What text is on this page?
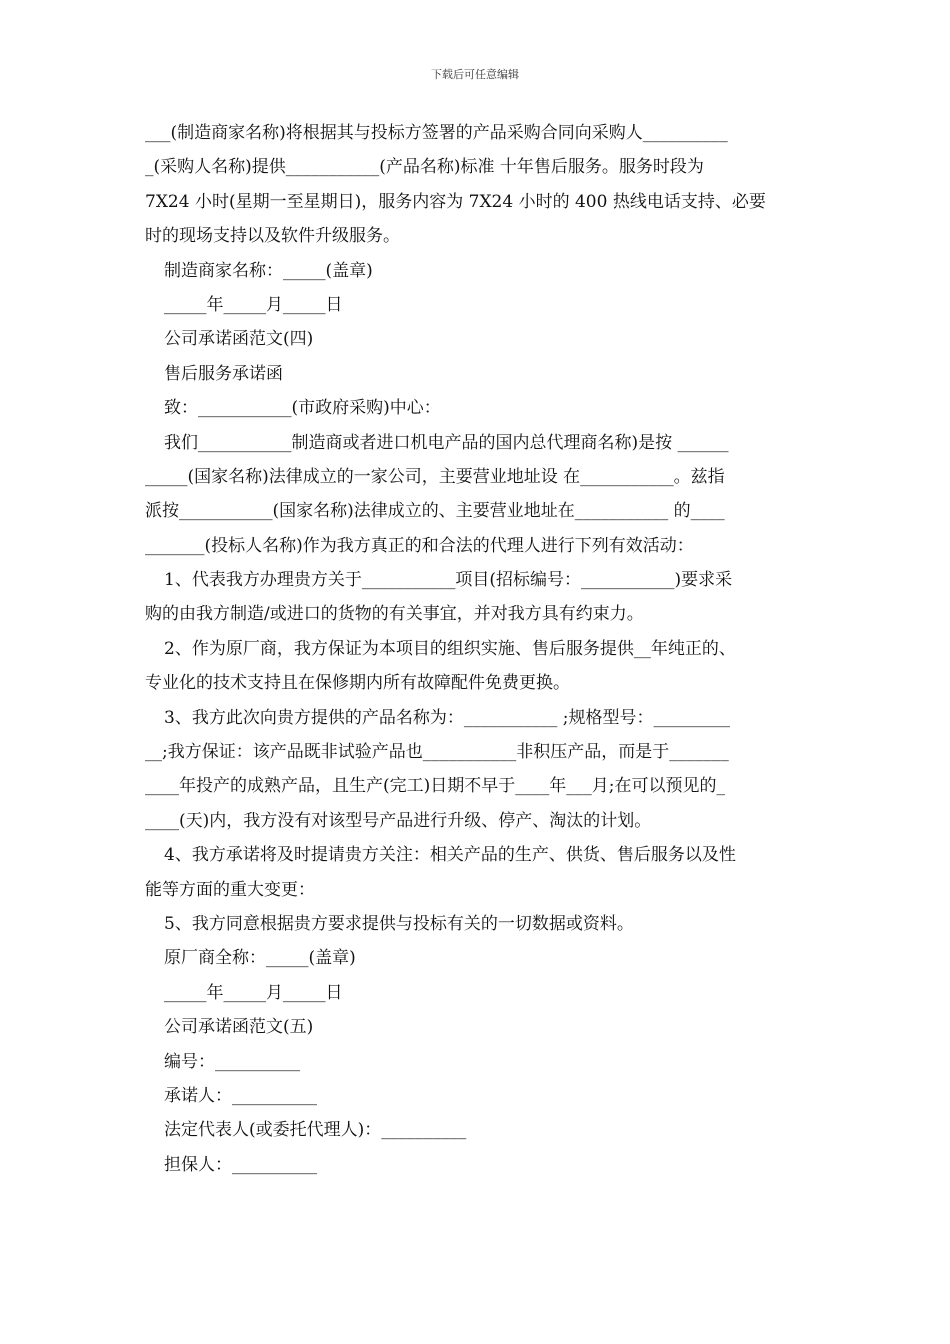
下载后可任意编辑
___(制造商家名称)将根据其与投标方签署的产品采购合同向采购人__________
_(采购人名称)提供___________(产品名称)标准 十年售后服务。服务时段为
7X24 小时(星期一至星期日)，服务内容为 7X24 小时的 400 热线电话支持、必要
时的现场支持以及软件升级服务。
制造商家名称：_____(盖章)
_____年_____月_____日
公司承诺函范文(四)
售后服务承诺函
致：___________(市政府采购)中心：
我们___________制造商或者进口机电产品的国内总代理商名称)是按 ______
_____(国家名称)法律成立的一家公司，主要营业地址设 在___________。兹指
派按___________(国家名称)法律成立的、主要营业地址在___________ 的____
_______(投标人名称)作为我方真正的和合法的代理人进行下列有效活动：
1、代表我方办理贵方关于___________项目(招标编号：___________)要求采
购的由我方制造/或进口的货物的有关事宜，并对我方具有约束力。
2、作为原厂商，我方保证为本项目的组织实施、售后服务提供__年纯正的、
专业化的技术支持且在保修期内所有故障配件免费更换。
3、我方此次向贵方提供的产品名称为：___________ ;规格型号：_________
__;我方保证：该产品既非试验产品也___________非积压产品，而是于_______
____年投产的成熟产品，且生产(完工)日期不早于____年___月;在可以预见的_
____(天)内，我方没有对该型号产品进行升级、停产、淘汰的计划。
4、我方承诺将及时提请贵方关注：相关产品的生产、供货、售后服务以及性
能等方面的重大变更：
5、我方同意根据贵方要求提供与投标有关的一切数据或资料。
原厂商全称：_____(盖章)
_____年_____月_____日
公司承诺函范文(五)
编号：__________
承诺人：__________
法定代表人(或委托代理人)：__________
担保人：__________
